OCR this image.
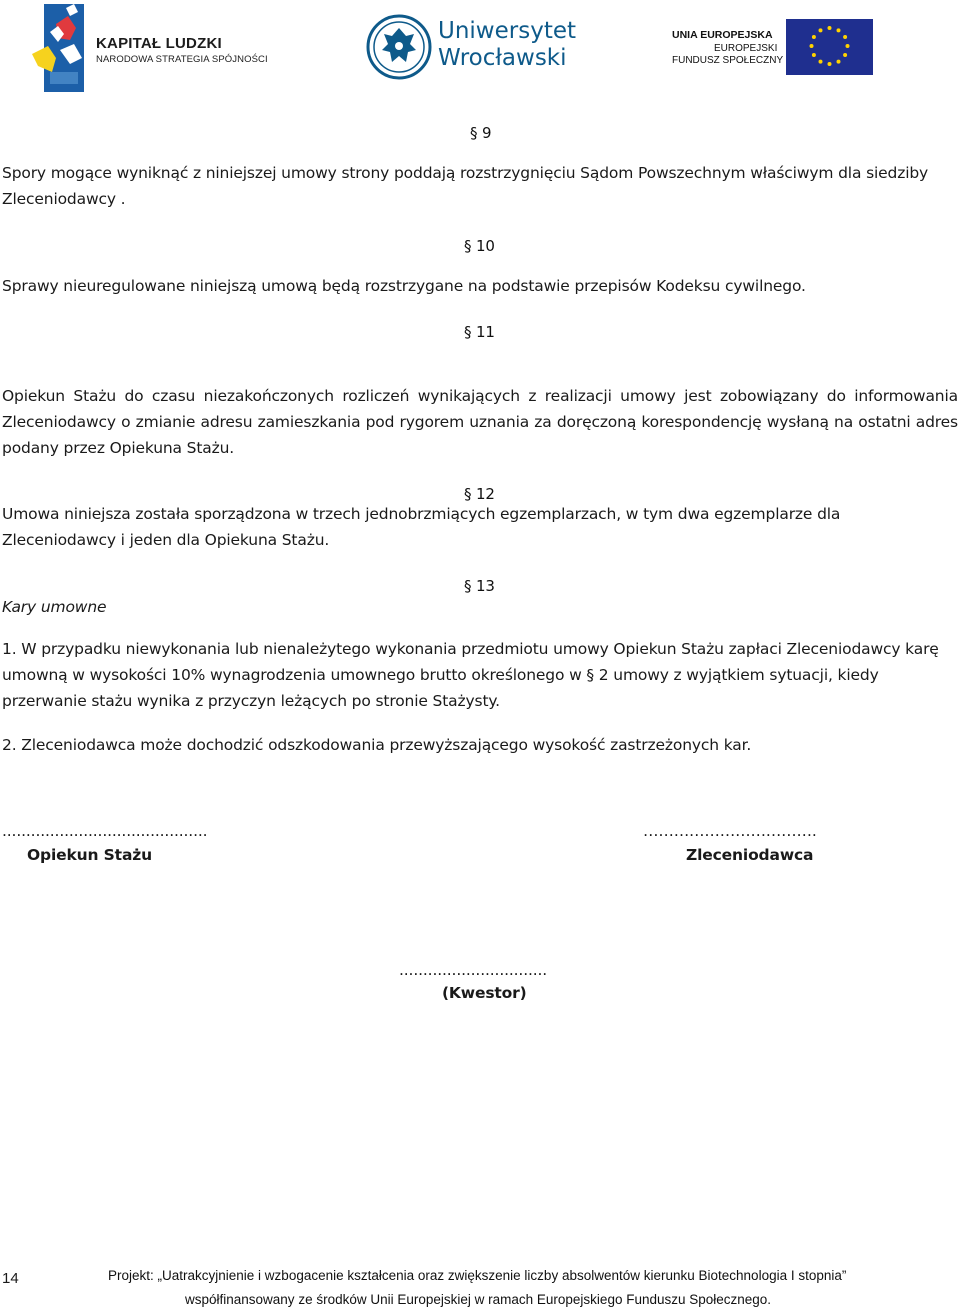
KAPITAŁ LUDZKI
NARODOWA STRATEGIA SPÓJNOŚCI
Uniwersytet
Wrocławski
UNIA EUROPEJSKA
EUROPEJSKI
FUNDUSZ SPOŁECZNY
§ 9

Spory mogące wyniknąć z niniejszej umowy strony poddają rozstrzygnięciu Sądom Powszechnym właściwym dla siedziby Zleceniodawcy .

§ 10

Sprawy nieuregulowane niniejszą umową będą rozstrzygane na podstawie przepisów Kodeksu cywilnego.

§ 11

Opiekun Stażu do czasu niezakończonych rozliczeń wynikających z realizacji umowy jest zobowiązany do informowania Zleceniodawcy o zmianie adresu zamieszkania pod rygorem uznania za doręczoną korespondencję wysłaną na ostatni adres podany przez Opiekuna Stażu.

§ 12

Umowa niniejsza została sporządzona w trzech jednobrzmiących egzemplarzach, w tym dwa egzemplarze dla Zleceniodawcy i jeden dla Opiekuna Stażu.

§ 13
Kary umowne

1. W przypadku niewykonania lub nienależytego wykonania przedmiotu umowy Opiekun Stażu zapłaci Zleceniodawcy karę umowną w wysokości 10% wynagrodzenia umownego brutto określonego w § 2 umowy z wyjątkiem sytuacji, kiedy przerwanie stażu wynika z przyczyn leżących po stronie Stażysty.

2. Zleceniodawca może dochodzić odszkodowania przewyższającego wysokość zastrzeżonych kar.

...........................................
Opiekun Stażu
…………………………….
Zleceniodawca
...............................
(Kwestor)
14	Projekt: „Uatrakcyjnienie i wzbogacenie kształcenia oraz zwiększenie liczby absolwentów kierunku Biotechnologia I stopnia”
współfinansowany ze środków Unii Europejskiej w ramach Europejskiego Funduszu Społecznego.
